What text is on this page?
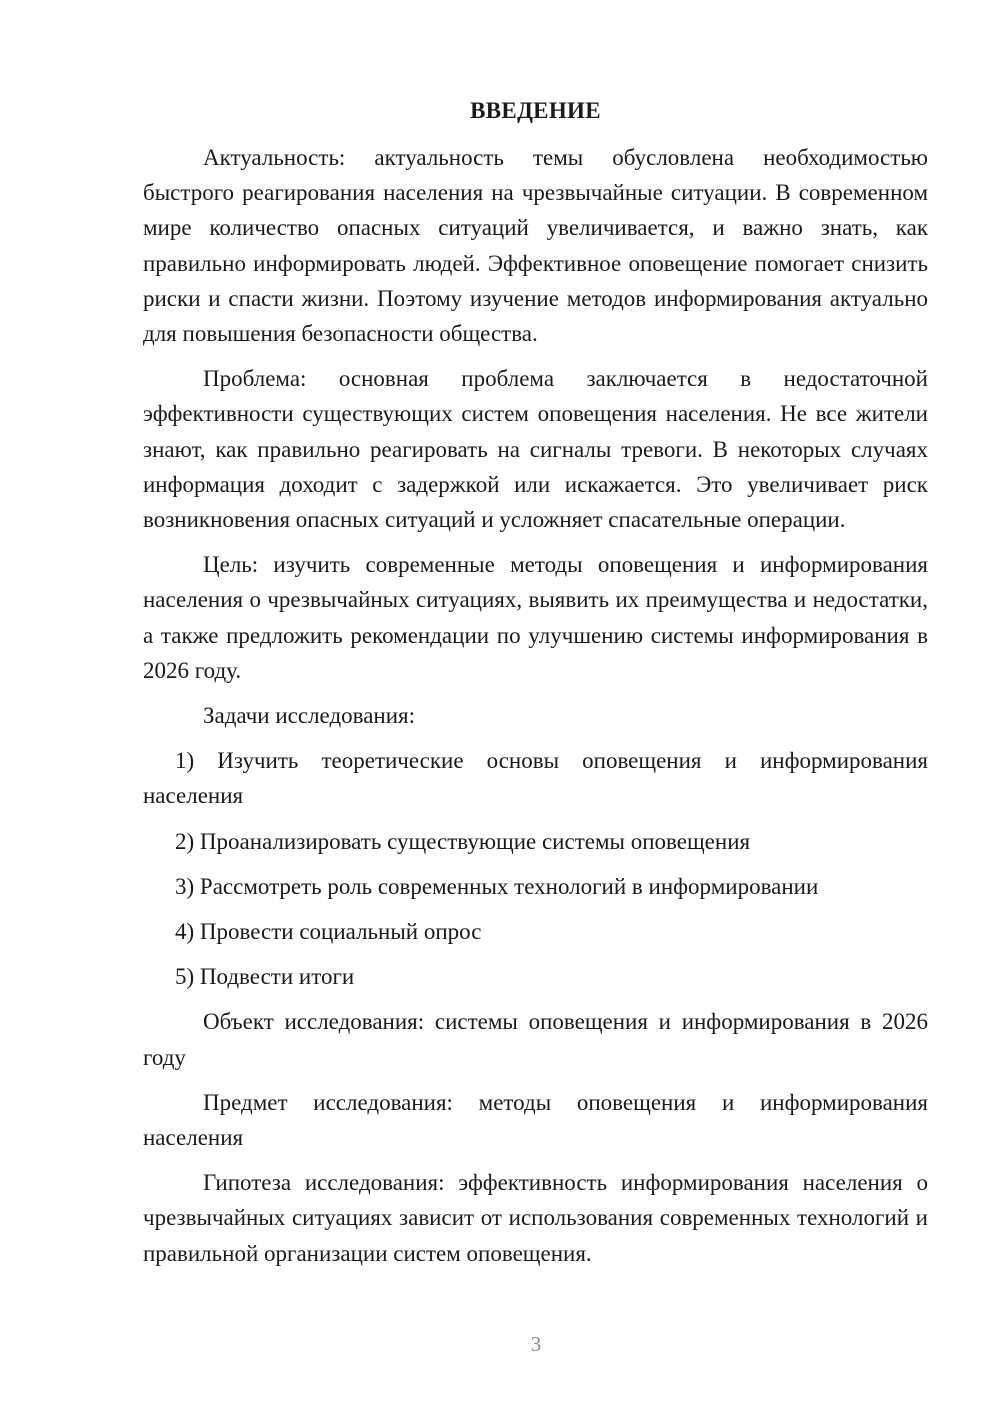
ВВЕДЕНИЕ

Актуальность: актуальность темы обусловлена необходимостью быстрого реагирования населения на чрезвычайные ситуации. В современном мире количество опасных ситуаций увеличивается, и важно знать, как правильно информировать людей. Эффективное оповещение помогает снизить риски и спасти жизни. Поэтому изучение методов информирования актуально для повышения безопасности общества.

Проблема: основная проблема заключается в недостаточной эффективности существующих систем оповещения населения. Не все жители знают, как правильно реагировать на сигналы тревоги. В некоторых случаях информация доходит с задержкой или искажается. Это увеличивает риск возникновения опасных ситуаций и усложняет спасательные операции.

Цель: изучить современные методы оповещения и информирования населения о чрезвычайных ситуациях, выявить их преимущества и недостатки, а также предложить рекомендации по улучшению системы информирования в 2026 году.

Задачи исследования:

1) Изучить теоретические основы оповещения и информирования населения

2) Проанализировать существующие системы оповещения

3) Рассмотреть роль современных технологий в информировании

4) Провести социальный опрос

5) Подвести итоги

Объект исследования: системы оповещения и информирования в 2026 году

Предмет исследования: методы оповещения и информирования населения

Гипотеза исследования: эффективность информирования населения о чрезвычайных ситуациях зависит от использования современных технологий и правильной организации систем оповещения.

3
